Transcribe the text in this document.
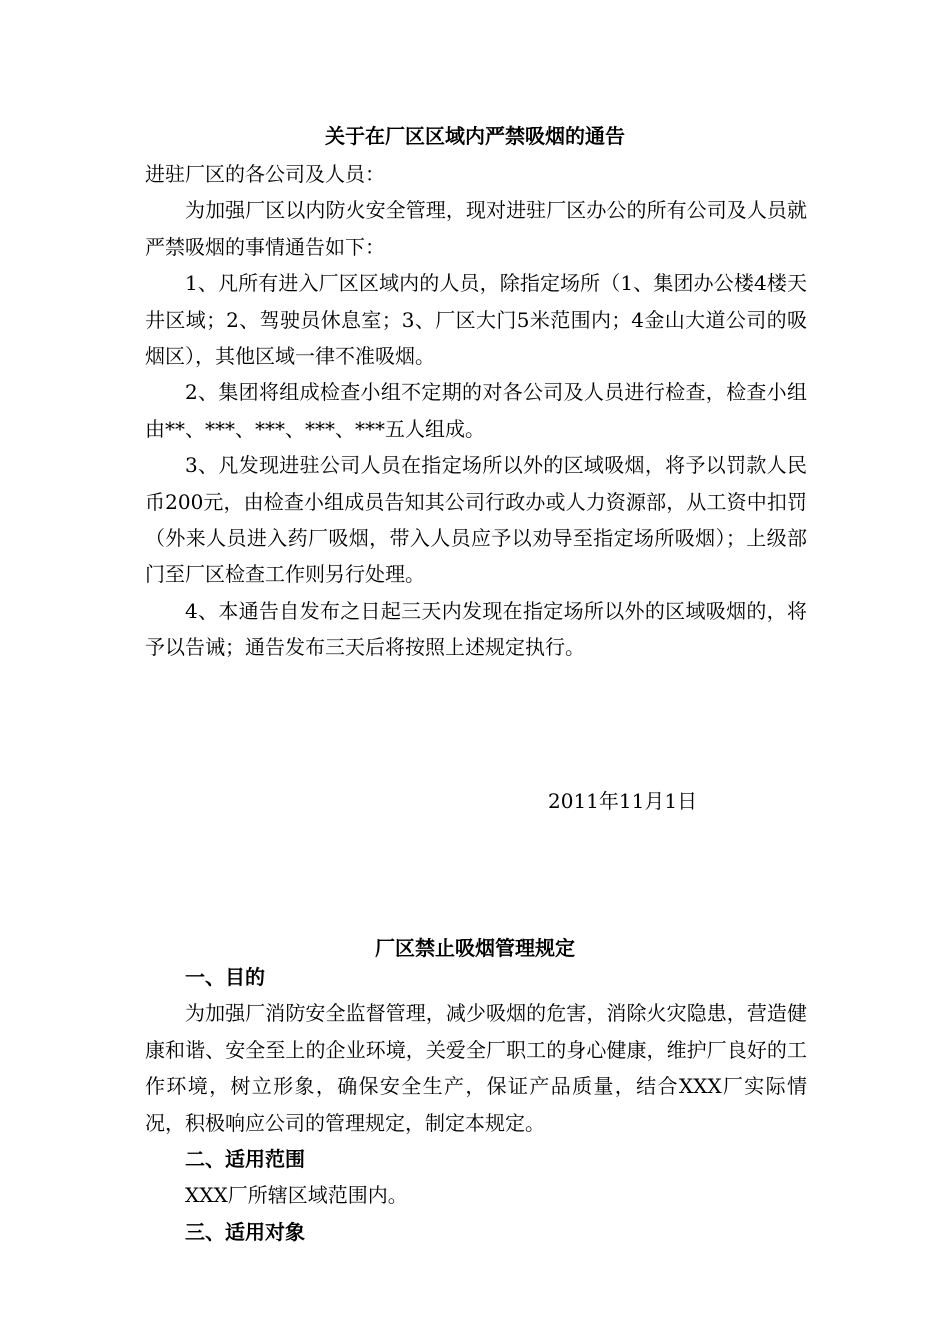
关于在厂区区域内严禁吸烟的通告

进驻厂区的各公司及人员：

为加强厂区以内防火安全管理，现对进驻厂区办公的所有公司及人员就严禁吸烟的事情通告如下：

1、凡所有进入厂区区域内的人员，除指定场所（1、集团办公楼4楼天井区域；2、驾驶员休息室；3、厂区大门5米范围内；4金山大道公司的吸烟区），其他区域一律不准吸烟。

2、集团将组成检查小组不定期的对各公司及人员进行检查，检查小组由**、***、***、***、***五人组成。

3、凡发现进驻公司人员在指定场所以外的区域吸烟，将予以罚款人民币200元，由检查小组成员告知其公司行政办或人力资源部，从工资中扣罚（外来人员进入药厂吸烟，带入人员应予以劝导至指定场所吸烟）；上级部门至厂区检查工作则另行处理。

4、本通告自发布之日起三天内发现在指定场所以外的区域吸烟的，将予以告诫；通告发布三天后将按照上述规定执行。

2011年11月1日
厂区禁止吸烟管理规定

一、目的

为加强厂消防安全监督管理，减少吸烟的危害，消除火灾隐患，营造健康和谐、安全至上的企业环境，关爱全厂职工的身心健康，维护厂良好的工作环境，树立形象，确保安全生产，保证产品质量，结合XXX厂实际情况，积极响应公司的管理规定，制定本规定。

二、适用范围

XXX厂所辖区域范围内。

三、适用对象
